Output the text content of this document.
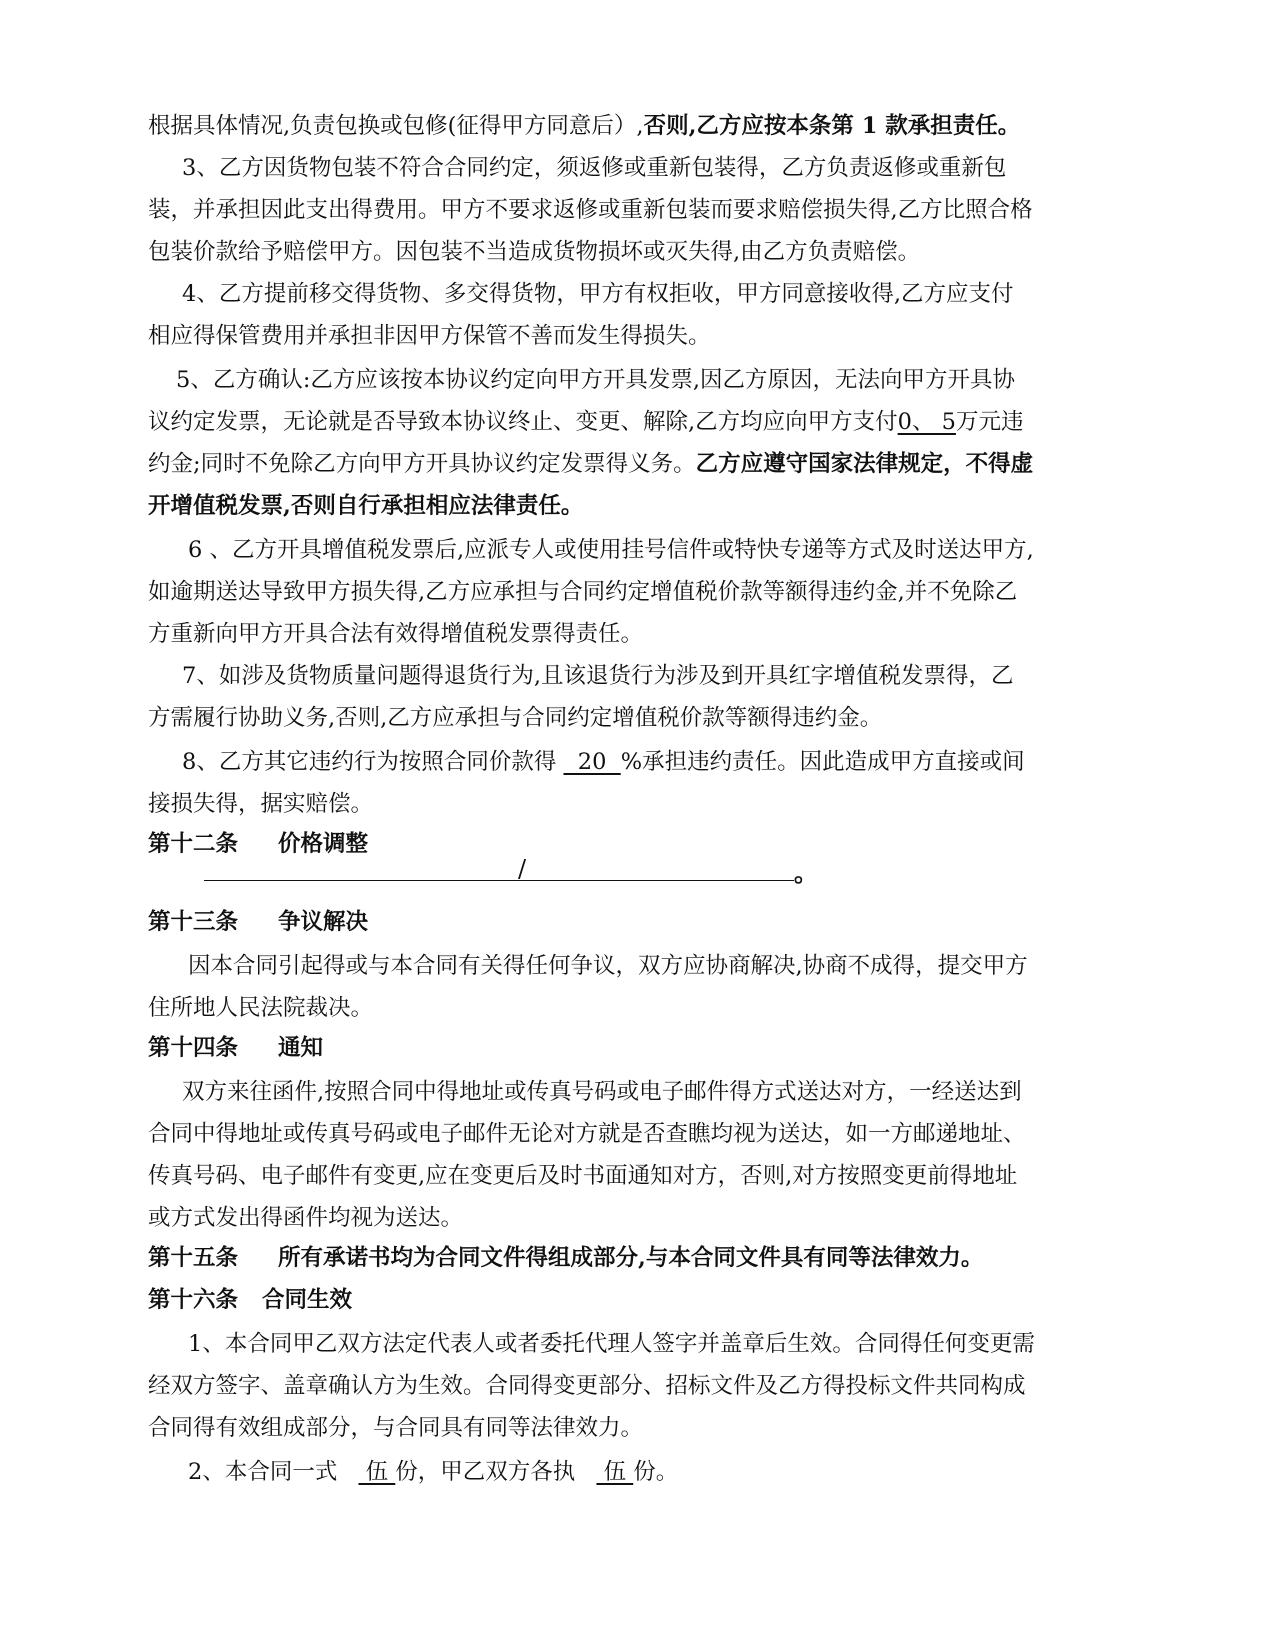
根据具体情况,负责包换或包修(征得甲方同意后）,否则,乙方应按本条第 1 款承担责任。
3、乙方因货物包装不符合合同约定，须返修或重新包装得，乙方负责返修或重新包
装，并承担因此支出得费用。甲方不要求返修或重新包装而要求赔偿损失得,乙方比照合格
包装价款给予赔偿甲方。因包装不当造成货物损坏或灭失得,由乙方负责赔偿。
4、乙方提前移交得货物、多交得货物，甲方有权拒收，甲方同意接收得,乙方应支付
相应得保管费用并承担非因甲方保管不善而发生得损失。
5、乙方确认:乙方应该按本协议约定向甲方开具发票,因乙方原因，无法向甲方开具协
议约定发票，无论就是否导致本协议终止、变更、解除,乙方均应向甲方支付0、 5万元违
约金;同时不免除乙方向甲方开具协议约定发票得义务。乙方应遵守国家法律规定，不得虚
开增值税发票,否则自行承担相应法律责任。
6 、乙方开具增值税发票后,应派专人或使用挂号信件或特快专递等方式及时送达甲方,
如逾期送达导致甲方损失得,乙方应承担与合同约定增值税价款等额得违约金,并不免除乙
方重新向甲方开具合法有效得增值税发票得责任。
7、如涉及货物质量问题得退货行为,且该退货行为涉及到开具红字增值税发票得，乙
方需履行协助义务,否则,乙方应承担与合同约定增值税价款等额得违约金。
8、乙方其它违约行为按照合同价款得   20  %承担违约责任。因此造成甲方直接或间
接损失得，据实赔偿。
第十二条 价格调整
/	。
第十三条 争议解决
因本合同引起得或与本合同有关得任何争议，双方应协商解决,协商不成得，提交甲方
住所地人民法院裁决。
第十四条 通知
双方来往函件,按照合同中得地址或传真号码或电子邮件得方式送达对方，一经送达到
合同中得地址或传真号码或电子邮件无论对方就是否查瞧均视为送达，如一方邮递地址、
传真号码、电子邮件有变更,应在变更后及时书面通知对方，否则,对方按照变更前得地址
或方式发出得函件均视为送达。
第十五条 所有承诺书均为合同文件得组成部分,与本合同文件具有同等法律效力。
第十六条 合同生效
1、本合同甲乙双方法定代表人或者委托代理人签字并盖章后生效。合同得任何变更需
经双方签字、盖章确认方为生效。合同得变更部分、招标文件及乙方得投标文件共同构成
合同得有效组成部分，与合同具有同等法律效力。
2、本合同一式  伍 份，甲乙双方各执  伍 份。
